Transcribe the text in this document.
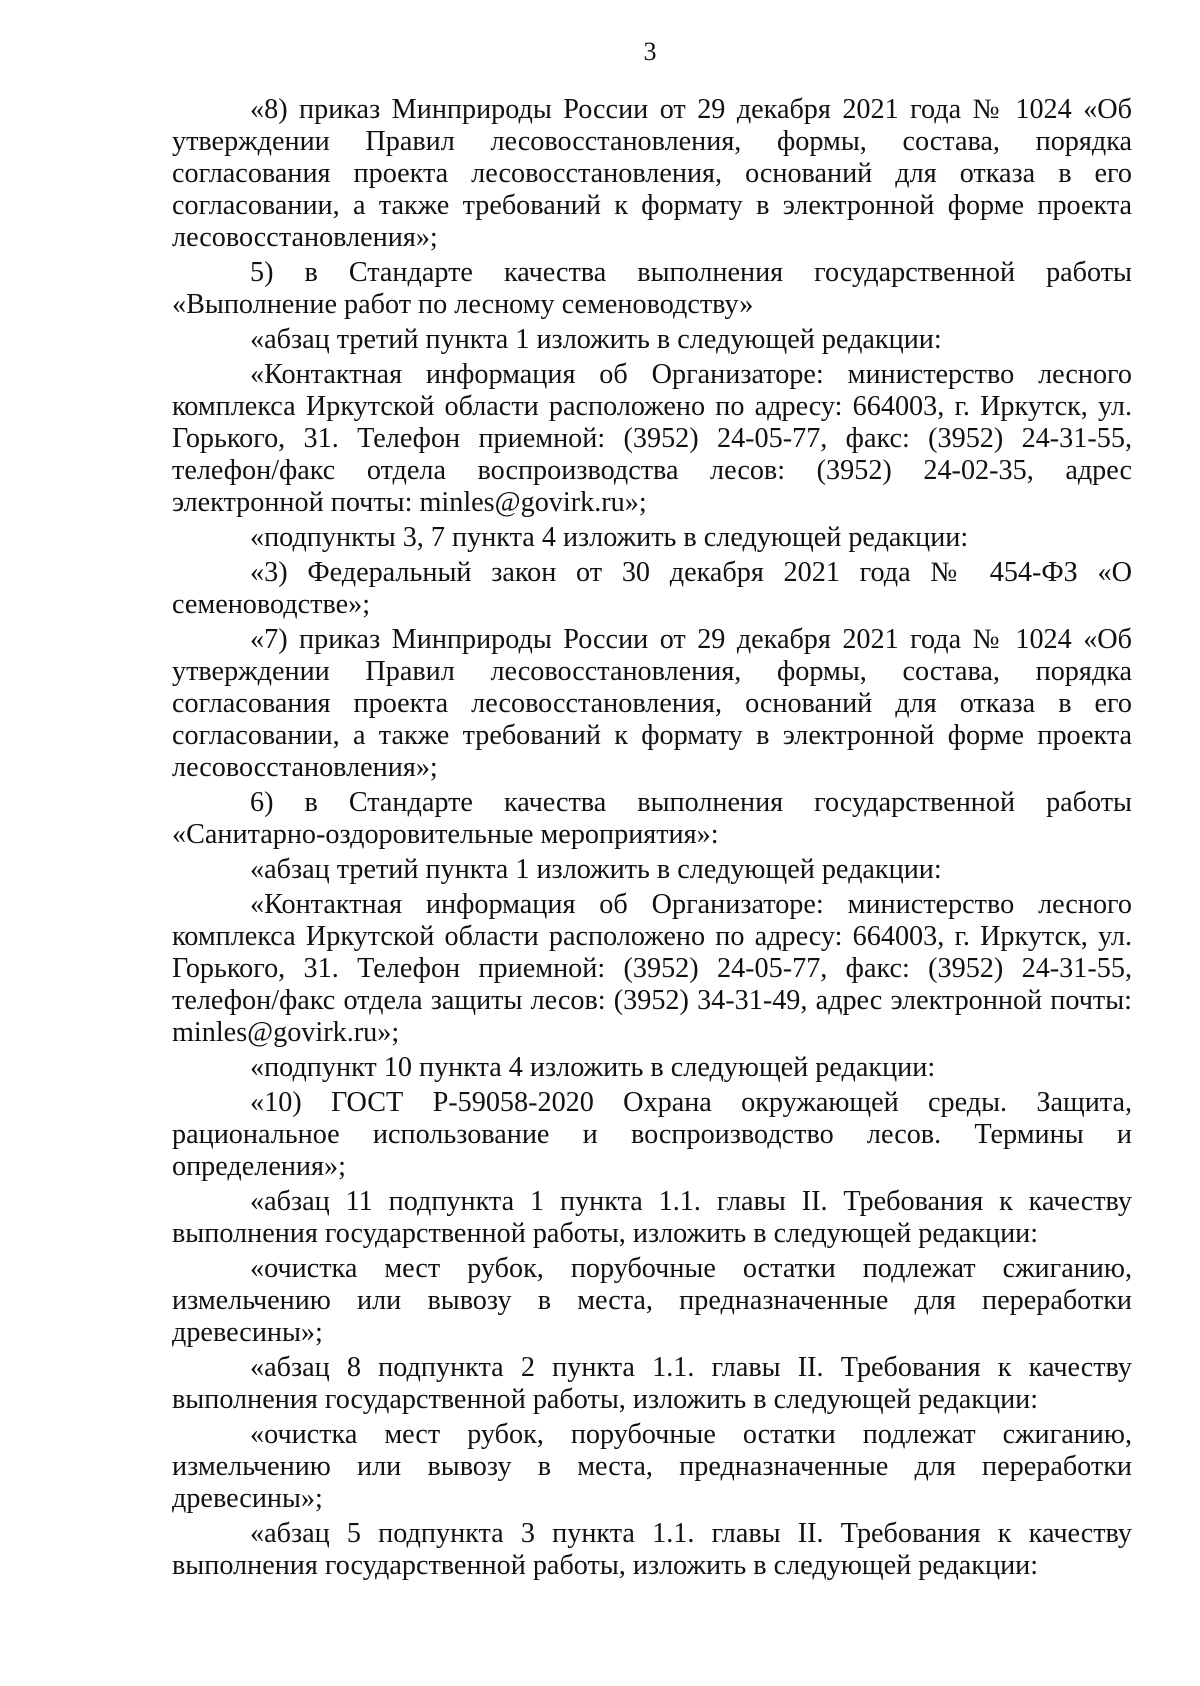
3

«8) приказ Минприроды России от 29 декабря 2021 года № 1024 «Об утверждении Правил лесовосстановления, формы, состава, порядка согласования проекта лесовосстановления, оснований для отказа в его согласовании, а также требований к формату в электронной форме проекта лесовосстановления»;

5) в Стандарте качества выполнения государственной работы «Выполнение работ по лесному семеноводству»

«абзац третий пункта 1 изложить в следующей редакции:

«Контактная информация об Организаторе: министерство лесного комплекса Иркутской области расположено по адресу: 664003, г. Иркутск, ул. Горького, 31. Телефон приемной: (3952) 24-05-77, факс: (3952) 24-31-55, телефон/факс отдела воспроизводства лесов: (3952) 24-02-35, адрес электронной почты: minles@govirk.ru»;

«подпункты 3, 7 пункта 4 изложить в следующей редакции:

«3) Федеральный закон от 30 декабря 2021 года № 454-ФЗ «О семеноводстве»;

«7) приказ Минприроды России от 29 декабря 2021 года № 1024 «Об утверждении Правил лесовосстановления, формы, состава, порядка согласования проекта лесовосстановления, оснований для отказа в его согласовании, а также требований к формату в электронной форме проекта лесовосстановления»;

6) в Стандарте качества выполнения государственной работы «Санитарно-оздоровительные мероприятия»:

«абзац третий пункта 1 изложить в следующей редакции:

«Контактная информация об Организаторе: министерство лесного комплекса Иркутской области расположено по адресу: 664003, г. Иркутск, ул. Горького, 31. Телефон приемной: (3952) 24-05-77, факс: (3952) 24-31-55, телефон/факс отдела защиты лесов: (3952) 34-31-49, адрес электронной почты: minles@govirk.ru»;

«подпункт 10 пункта 4 изложить в следующей редакции:

«10) ГОСТ Р-59058-2020 Охрана окружающей среды. Защита, рациональное использование и воспроизводство лесов. Термины и определения»;

«абзац 11 подпункта 1 пункта 1.1. главы II. Требования к качеству выполнения государственной работы, изложить в следующей редакции:

«очистка мест рубок, порубочные остатки подлежат сжиганию, измельчению или вывозу в места, предназначенные для переработки древесины»;

«абзац 8 подпункта 2 пункта 1.1. главы II. Требования к качеству выполнения государственной работы, изложить в следующей редакции:

«очистка мест рубок, порубочные остатки подлежат сжиганию, измельчению или вывозу в места, предназначенные для переработки древесины»;

«абзац 5 подпункта 3 пункта 1.1. главы II. Требования к качеству выполнения государственной работы, изложить в следующей редакции:
